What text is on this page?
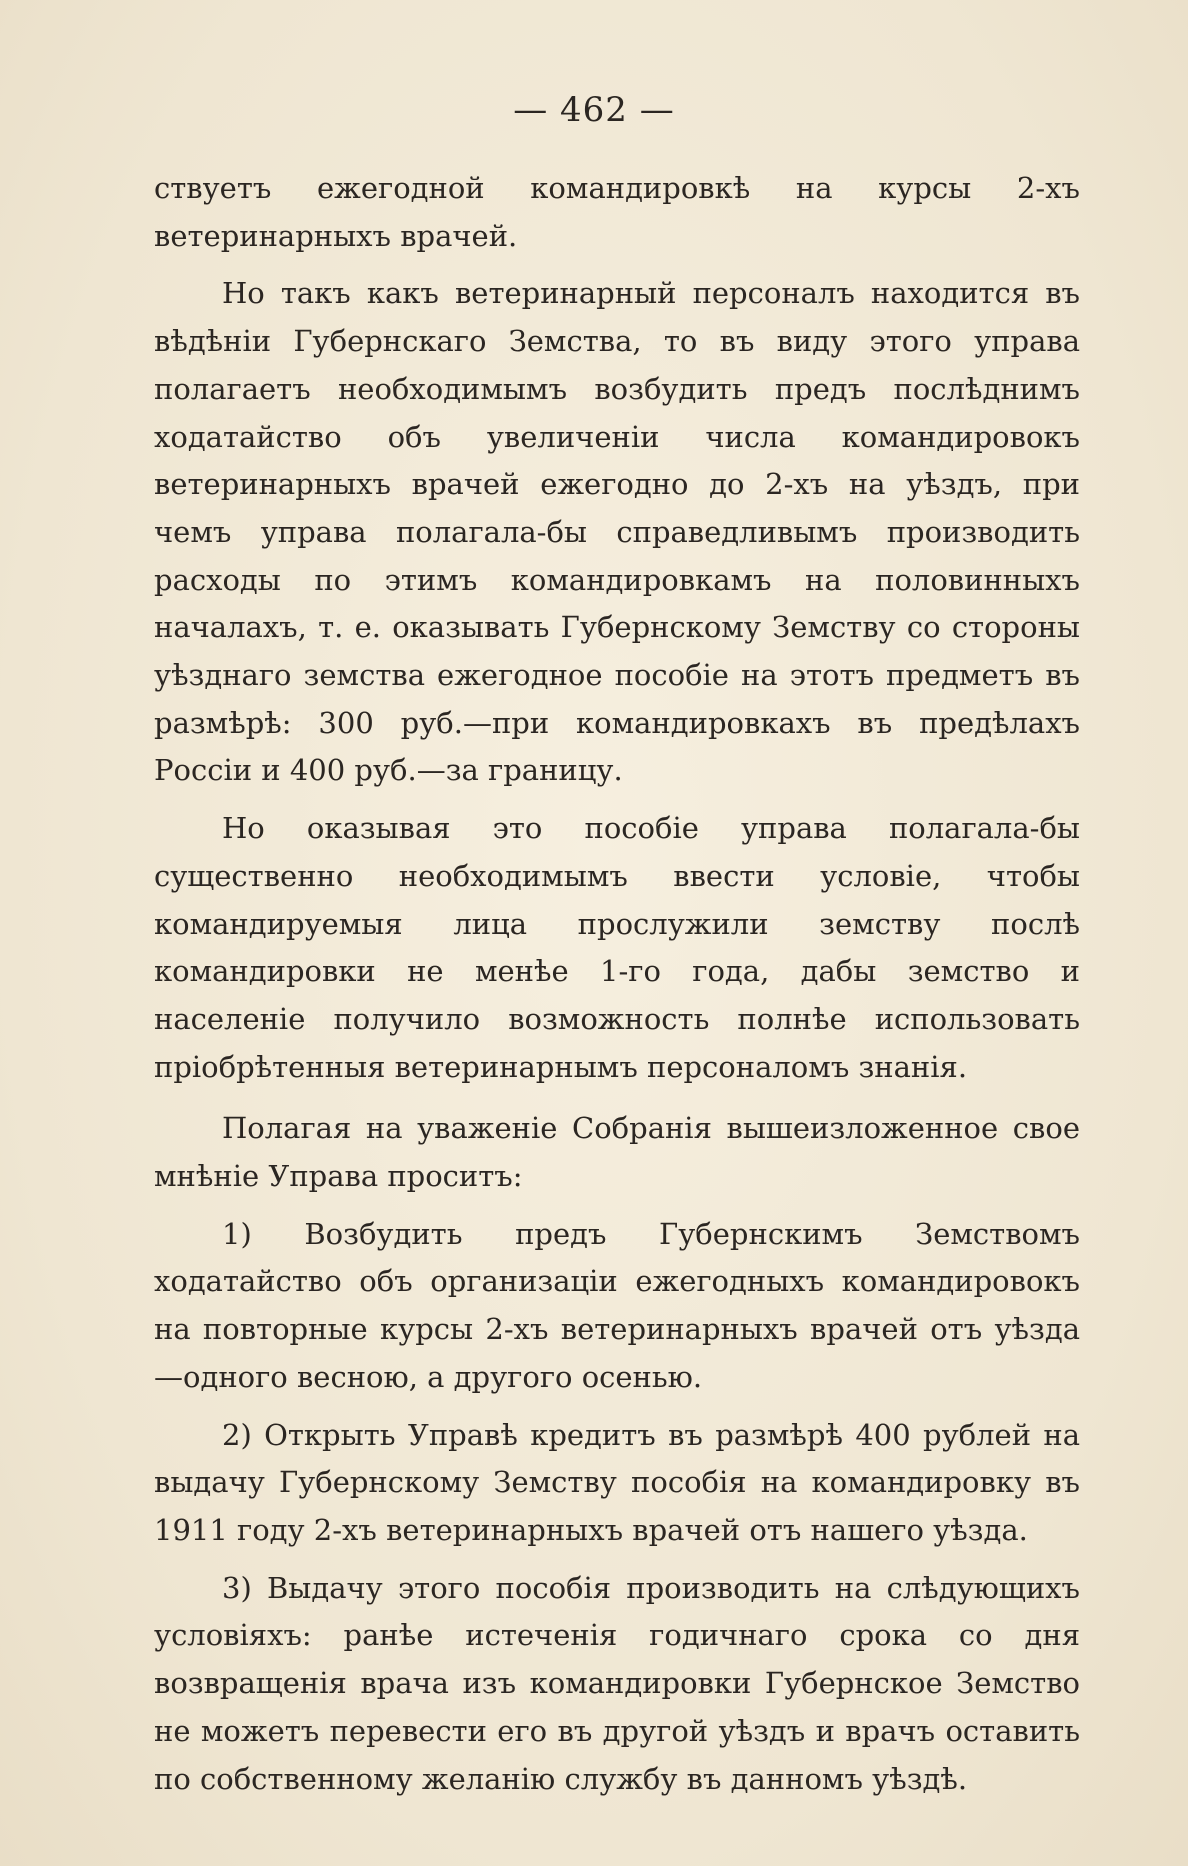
— 462 —

ствуетъ ежегодной командировкѣ на курсы 2-хъ ветеринарныхъ врачей.

Но такъ какъ ветеринарный персоналъ находится въ вѣдѣніи Губернскаго Земства, то въ виду этого управа полагаетъ необходимымъ возбудить предъ послѣднимъ ходатайство объ увеличеніи числа командировокъ ветеринарныхъ врачей ежегодно до 2-хъ на уѣздъ, при чемъ управа полагала-бы справедливымъ производить расходы по этимъ командировкамъ на половинныхъ началахъ, т. е. оказывать Губернскому Земству со стороны уѣзднаго земства ежегодное пособіе на этотъ предметъ въ размѣрѣ: 300 руб.—при командировкахъ въ предѣлахъ Россіи и 400 руб.—за границу.

Но оказывая это пособіе управа полагала-бы существенно необходимымъ ввести условіе, чтобы командируемыя лица прослужили земству послѣ командировки не менѣе 1-го года, дабы земство и населеніе получило возможность полнѣе использовать пріобрѣтенныя ветеринарнымъ персоналомъ знанія.

Полагая на уваженіе Собранія вышеизложенное свое мнѣніе Управа проситъ:

1) Возбудить предъ Губернскимъ Земствомъ ходатайство объ организаціи ежегодныхъ командировокъ на повторные курсы 2-хъ ветеринарныхъ врачей отъ уѣзда—одного весною, а другого осенью.

2) Открыть Управѣ кредитъ въ размѣрѣ 400 рублей на выдачу Губернскому Земству пособія на командировку въ 1911 году 2-хъ ветеринарныхъ врачей отъ нашего уѣзда.

3) Выдачу этого пособія производить на слѣдующихъ условіяхъ: ранѣе истеченія годичнаго срока со дня возвращенія врача изъ командировки Губернское Земство не можетъ перевести его въ другой уѣздъ и врачъ оставить по собственному желанію службу въ данномъ уѣздѣ.
